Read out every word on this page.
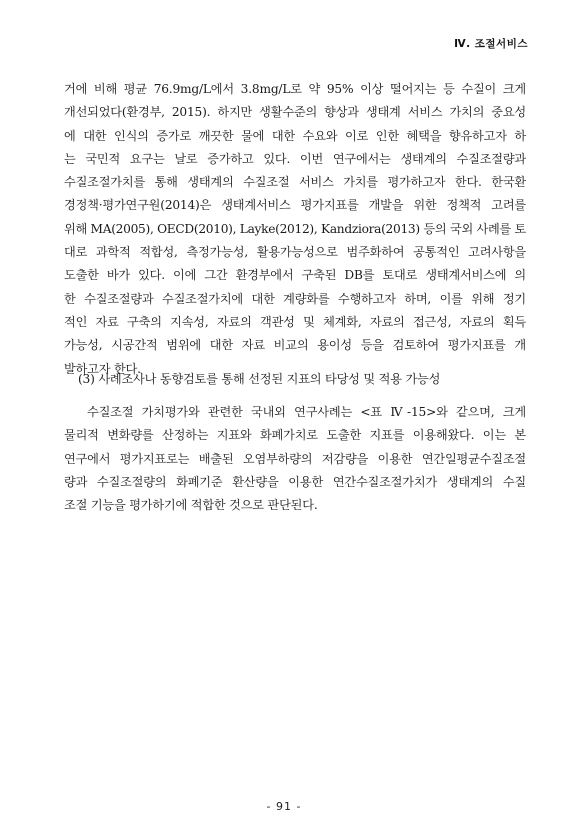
Ⅳ. 조절서비스
거에 비해 평균 76.9mg/L에서 3.8mg/L로 약 95% 이상 떨어지는 등 수질이 크게
개선되었다(환경부, 2015). 하지만 생활수준의 향상과 생태계 서비스 가치의 중요성
에 대한 인식의 증가로 깨끗한 물에 대한 수요와 이로 인한 혜택을 향유하고자 하
는 국민적 요구는 날로 증가하고 있다. 이번 연구에서는 생태계의 수질조절량과
수질조절가치를 통해 생태계의 수질조절 서비스 가치를 평가하고자 한다. 한국환
경정책·평가연구원(2014)은 생태계서비스 평가지표를 개발을 위한 정책적 고려를
위해 MA(2005), OECD(2010), Layke(2012), Kandziora(2013) 등의 국외 사례를 토
대로 과학적 적합성, 측정가능성, 활용가능성으로 범주화하여 공통적인 고려사항을
도출한 바가 있다. 이에 그간 환경부에서 구축된 DB를 토대로 생태계서비스에 의
한 수질조절량과 수질조절가치에 대한 계량화를 수행하고자 하며, 이를 위해 정기
적인 자료 구축의 지속성, 자료의 객관성 및 체계화, 자료의 접근성, 자료의 획득
가능성, 시공간적 범위에 대한 자료 비교의 용이성 등을 검토하여 평가지표를 개
발하고자 한다.
(3) 사례조사나 동향검토를 통해 선정된 지표의 타당성 및 적용 가능성
수질조절 가치평가와 관련한 국내외 연구사례는 <표 Ⅳ-15>와 같으며, 크게
물리적 변화량를 산정하는 지표와 화폐가치로 도출한 지표를 이용해왔다. 이는 본
연구에서 평가지표로는 배출된 오염부하량의 저감량을 이용한 연간일평균수질조절
량과 수질조절량의 화폐기준 환산량을 이용한 연간수질조절가치가 생태계의 수질
조절 기능을 평가하기에 적합한 것으로 판단된다.
- 91 -
